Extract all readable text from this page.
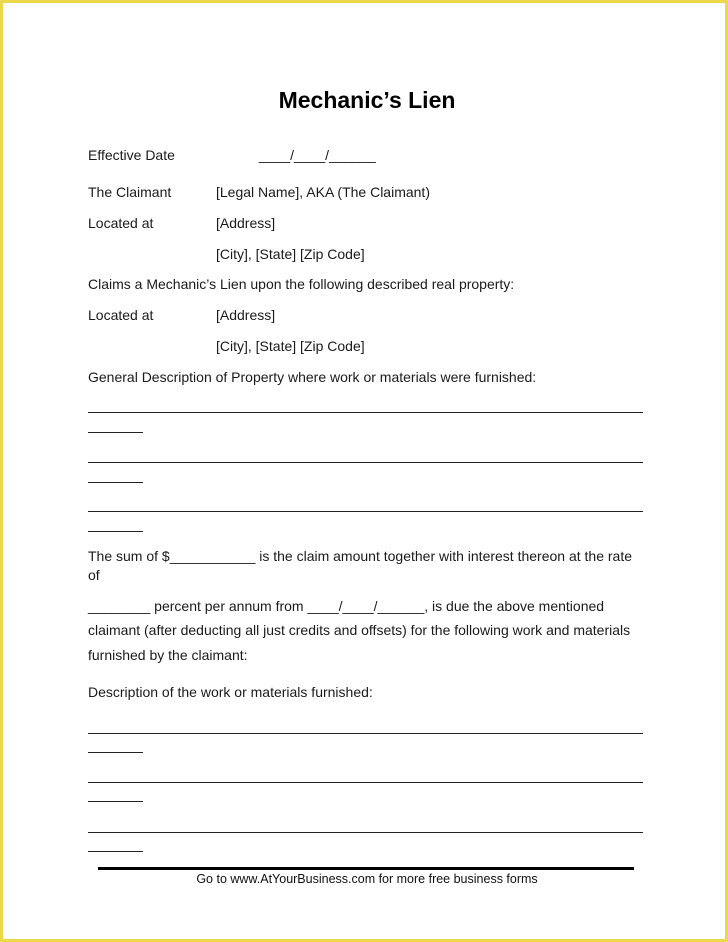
Mechanic’s Lien
Effective Date	____/____/______
The Claimant	[Legal Name], AKA (The Claimant)
Located at	[Address]
[City], [State] [Zip Code]
Claims a Mechanic’s Lien upon the following described real property:
Located at	[Address]
[City], [State] [Zip Code]
General Description of Property where work or materials were furnished:
The sum of $___________ is the claim amount together with interest thereon at the rate
of
________ percent per annum from ____/____/______, is due the above mentioned
claimant (after deducting all just credits and offsets) for the following work and materials
furnished by the claimant:
Description of the work or materials furnished:
Go to www.AtYourBusiness.com for more free business forms
